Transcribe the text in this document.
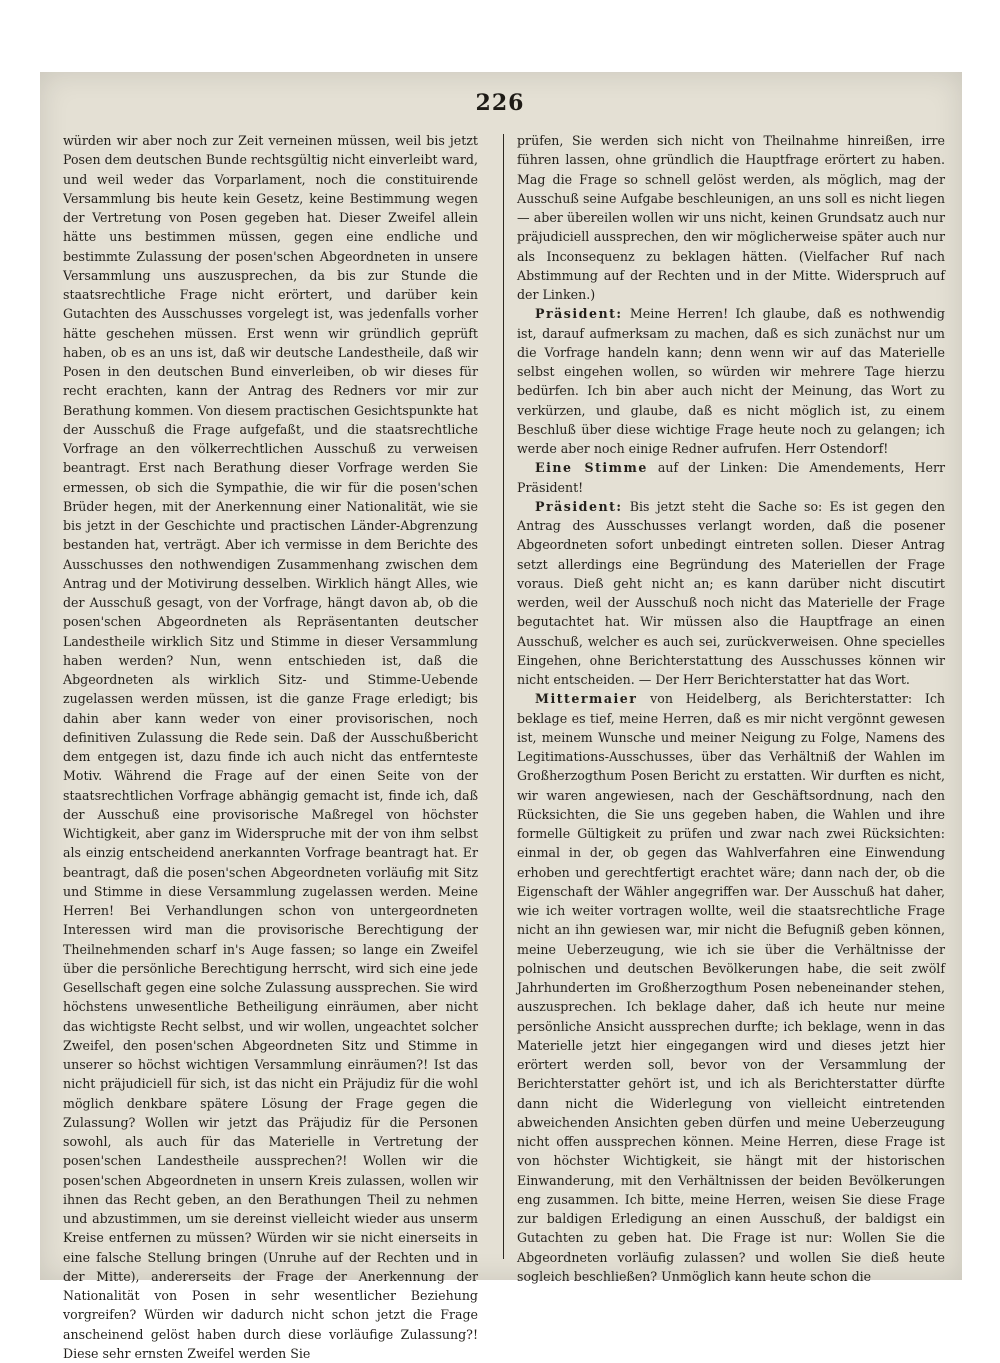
226

würden wir aber noch zur Zeit verneinen müssen, weil bis jetzt Posen dem deutschen Bunde rechtsgültig nicht einverleibt ward, und weil weder das Vorparlament, noch die constituirende Versammlung bis heute kein Gesetz, keine Bestimmung wegen der Vertretung von Posen gegeben hat. Dieser Zweifel allein hätte uns bestimmen müssen, gegen eine endliche und bestimmte Zulassung der posen'schen Abgeordneten in unsere Versammlung uns auszusprechen, da bis zur Stunde die staatsrechtliche Frage nicht erörtert, und darüber kein Gutachten des Ausschusses vorgelegt ist, was jedenfalls vorher hätte geschehen müssen. Erst wenn wir gründlich geprüft haben, ob es an uns ist, daß wir deutsche Landestheile, daß wir Posen in den deutschen Bund einverleiben, ob wir dieses für recht erachten, kann der Antrag des Redners vor mir zur Berathung kommen. Von diesem practischen Gesichtspunkte hat der Ausschuß die Frage aufgefaßt, und die staatsrechtliche Vorfrage an den völkerrechtlichen Ausschuß zu verweisen beantragt. Erst nach Berathung dieser Vorfrage werden Sie ermessen, ob sich die Sympathie, die wir für die posen'schen Brüder hegen, mit der Anerkennung einer Nationalität, wie sie bis jetzt in der Geschichte und practischen Länder-Abgrenzung bestanden hat, verträgt. Aber ich vermisse in dem Berichte des Ausschusses den nothwendigen Zusammenhang zwischen dem Antrag und der Motivirung desselben. Wirklich hängt Alles, wie der Ausschuß gesagt, von der Vorfrage, hängt davon ab, ob die posen'schen Abgeordneten als Repräsentanten deutscher Landestheile wirklich Sitz und Stimme in dieser Versammlung haben werden? Nun, wenn entschieden ist, daß die Abgeordneten als wirklich Sitz- und Stimme-Uebende zugelassen werden müssen, ist die ganze Frage erledigt; bis dahin aber kann weder von einer provisorischen, noch definitiven Zulassung die Rede sein. Daß der Ausschußbericht dem entgegen ist, dazu finde ich auch nicht das entfernteste Motiv. Während die Frage auf der einen Seite von der staatsrechtlichen Vorfrage abhängig gemacht ist, finde ich, daß der Ausschuß eine provisorische Maßregel von höchster Wichtigkeit, aber ganz im Widerspruche mit der von ihm selbst als einzig entscheidend anerkannten Vorfrage beantragt hat. Er beantragt, daß die posen'schen Abgeordneten vorläufig mit Sitz und Stimme in diese Versammlung zugelassen werden. Meine Herren! Bei Verhandlungen schon von untergeordneten Interessen wird man die provisorische Berechtigung der Theilnehmenden scharf in's Auge fassen; so lange ein Zweifel über die persönliche Berechtigung herrscht, wird sich eine jede Gesellschaft gegen eine solche Zulassung aussprechen. Sie wird höchstens unwesentliche Betheiligung einräumen, aber nicht das wichtigste Recht selbst, und wir wollen, ungeachtet solcher Zweifel, den posen'schen Abgeordneten Sitz und Stimme in unserer so höchst wichtigen Versammlung einräumen?! Ist das nicht präjudiciell für sich, ist das nicht ein Präjudiz für die wohl möglich denkbare spätere Lösung der Frage gegen die Zulassung? Wollen wir jetzt das Präjudiz für die Personen sowohl, als auch für das Materielle in Vertretung der posen'schen Landestheile aussprechen?! Wollen wir die posen'schen Abgeordneten in unsern Kreis zulassen, wollen wir ihnen das Recht geben, an den Berathungen Theil zu nehmen und abzustimmen, um sie dereinst vielleicht wieder aus unserm Kreise entfernen zu müssen? Würden wir sie nicht einerseits in eine falsche Stellung bringen (Unruhe auf der Rechten und in der Mitte), andererseits der Frage der Anerkennung der Nationalität von Posen in sehr wesentlicher Beziehung vorgreifen? Würden wir dadurch nicht schon jetzt die Frage anscheinend gelöst haben durch diese vorläufige Zulassung?! Diese sehr ernsten Zweifel werden Sie

prüfen, Sie werden sich nicht von Theilnahme hinreißen, irre führen lassen, ohne gründlich die Hauptfrage erörtert zu haben. Mag die Frage so schnell gelöst werden, als möglich, mag der Ausschuß seine Aufgabe beschleunigen, an uns soll es nicht liegen — aber übereilen wollen wir uns nicht, keinen Grundsatz auch nur präjudiciell aussprechen, den wir möglicherweise später auch nur als Inconsequenz zu beklagen hätten. (Vielfacher Ruf nach Abstimmung auf der Rechten und in der Mitte. Widerspruch auf der Linken.)

Präsident: Meine Herren! Ich glaube, daß es nothwendig ist, darauf aufmerksam zu machen, daß es sich zunächst nur um die Vorfrage handeln kann; denn wenn wir auf das Materielle selbst eingehen wollen, so würden wir mehrere Tage hierzu bedürfen. Ich bin aber auch nicht der Meinung, das Wort zu verkürzen, und glaube, daß es nicht möglich ist, zu einem Beschluß über diese wichtige Frage heute noch zu gelangen; ich werde aber noch einige Redner aufrufen. Herr Ostendorf!

Eine Stimme auf der Linken: Die Amendements, Herr Präsident!

Präsident: Bis jetzt steht die Sache so: Es ist gegen den Antrag des Ausschusses verlangt worden, daß die posener Abgeordneten sofort unbedingt eintreten sollen. Dieser Antrag setzt allerdings eine Begründung des Materiellen der Frage voraus. Dieß geht nicht an; es kann darüber nicht discutirt werden, weil der Ausschuß noch nicht das Materielle der Frage begutachtet hat. Wir müssen also die Hauptfrage an einen Ausschuß, welcher es auch sei, zurückverweisen. Ohne specielles Eingehen, ohne Berichterstattung des Ausschusses können wir nicht entscheiden. — Der Herr Berichterstatter hat das Wort.

Mittermaier von Heidelberg, als Berichterstatter: Ich beklage es tief, meine Herren, daß es mir nicht vergönnt gewesen ist, meinem Wunsche und meiner Neigung zu Folge, Namens des Legitimations-Ausschusses, über das Verhältniß der Wahlen im Großherzogthum Posen Bericht zu erstatten. Wir durften es nicht, wir waren angewiesen, nach der Geschäftsordnung, nach den Rücksichten, die Sie uns gegeben haben, die Wahlen und ihre formelle Gültigkeit zu prüfen und zwar nach zwei Rücksichten: einmal in der, ob gegen das Wahlverfahren eine Einwendung erhoben und gerechtfertigt erachtet wäre; dann nach der, ob die Eigenschaft der Wähler angegriffen war. Der Ausschuß hat daher, wie ich weiter vortragen wollte, weil die staatsrechtliche Frage nicht an ihn gewiesen war, mir nicht die Befugniß geben können, meine Ueberzeugung, wie ich sie über die Verhältnisse der polnischen und deutschen Bevölkerungen habe, die seit zwölf Jahrhunderten im Großherzogthum Posen nebeneinander stehen, auszusprechen. Ich beklage daher, daß ich heute nur meine persönliche Ansicht aussprechen durfte; ich beklage, wenn in das Materielle jetzt hier eingegangen wird und dieses jetzt hier erörtert werden soll, bevor von der Versammlung der Berichterstatter gehört ist, und ich als Berichterstatter dürfte dann nicht die Widerlegung von vielleicht eintretenden abweichenden Ansichten geben dürfen und meine Ueberzeugung nicht offen aussprechen können. Meine Herren, diese Frage ist von höchster Wichtigkeit, sie hängt mit der historischen Einwanderung, mit den Verhältnissen der beiden Bevölkerungen eng zusammen. Ich bitte, meine Herren, weisen Sie diese Frage zur baldigen Erledigung an einen Ausschuß, der baldigst ein Gutachten zu geben hat. Die Frage ist nur: Wollen Sie die Abgeordneten vorläufig zulassen? und wollen Sie dieß heute sogleich beschließen? Unmöglich kann heute schon die
